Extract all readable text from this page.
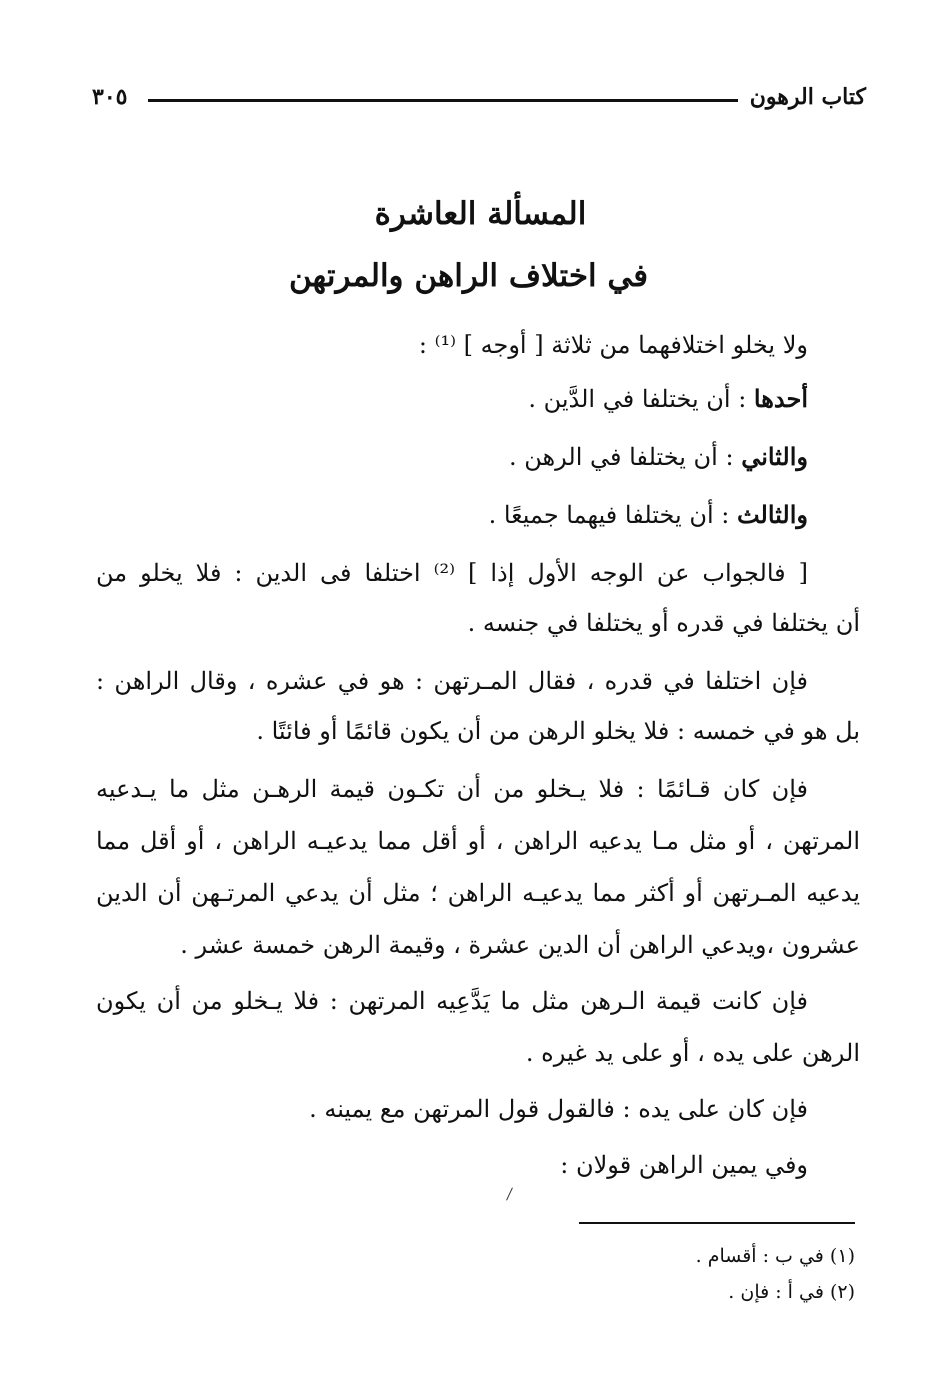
كتاب الرهون
٣٠٥
المسألة العاشرة
في اختلاف الراهن والمرتهن
ولا يخلو اختلافهما من ثلاثة [ أوجه ] ⁽¹⁾ :
أحدها : أن يختلفا في الدَّين .
والثاني : أن يختلفا في الرهن .
والثالث : أن يختلفا فيهما جميعًا .
[ فالجواب عن الوجه الأول إذا ] ⁽²⁾ اختلفا فى الدين : فلا يخلو من
أن يختلفا في قدره أو يختلفا في جنسه .
فإن اختلفا في قدره ، فقال المـرتهن : هو في عشره ، وقال الراهن :
بل هو في خمسه : فلا يخلو الرهن من أن يكون قائمًا أو فائتًا .
فإن كان قـائمًا : فلا يـخلو من أن تكـون قيمة الرهـن مثل ما يـدعيه
المرتهن ، أو مثل مـا يدعيه الراهن ، أو أقل مما يدعيـه الراهن ، أو أقل مما
يدعيه المـرتهن أو أكثر مما يدعيـه الراهن ؛ مثل أن يدعي المرتـهن أن الدين
عشرون ،ويدعي الراهن أن الدين عشرة ، وقيمة الرهن خمسة عشر .
فإن كانت قيمة الـرهن مثل ما يَدَّعِيه المرتهن : فلا يـخلو من أن يكون
الرهن على يده ، أو على يد غيره .
فإن كان على يده : فالقول قول المرتهن مع يمينه .
وفي يمين الراهن قولان :
(١) في ب : أقسام .
(٢) في أ : فإن .
